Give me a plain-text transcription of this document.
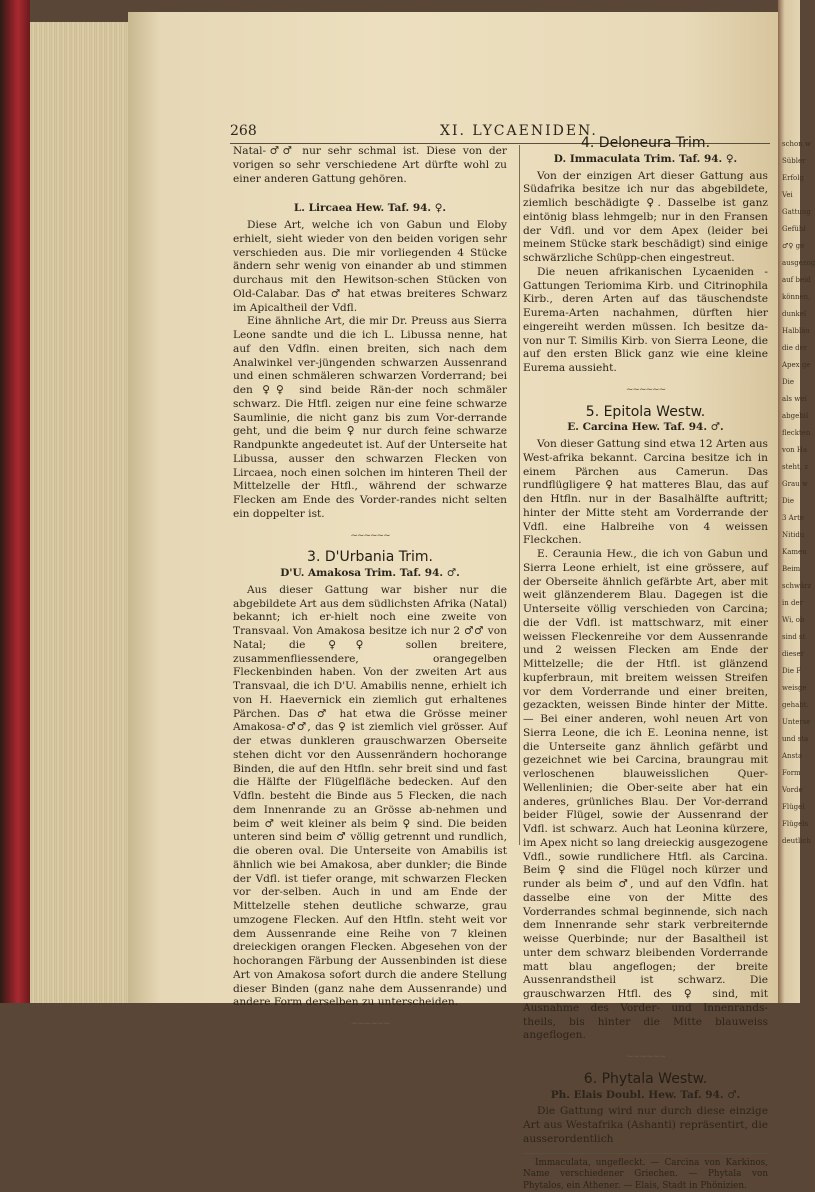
schon w
Sübler
Erfolg
Vei
Gattung
Gefühl
♂♀ ge
ausgezog
auf beid
können,
dunkel
Halbläu
die der
Apex ge
Die
als wei
abgebil
fleckten
von Ha
steht, z
Grau w
Die
3 Arte
Nitidu
Kamen
Beim
schwärz
in der
Wi, ob
sind st
dieser
Die F
weisge
gehabt.
Unterse
und sta
Ansta
Form
Vorde
Flügel
Flügels
deutlich
268	XI. LYCAENIDEN.

Natal-♂♂ nur sehr schmal ist. Diese von der vorigen so sehr verschiedene Art dürfte wohl zu einer anderen Gattung gehören.

L. Lircaea Hew. Taf. 94. ♀.

Diese Art, welche ich von Gabun und Eloby erhielt, sieht wieder von den beiden vorigen sehr verschieden aus. Die mir vorliegenden 4 Stücke ändern sehr wenig von einander ab und stimmen durchaus mit den Hewitson-schen Stücken von Old-Calabar. Das ♂ hat etwas breiteres Schwarz im Apicaltheil der Vdfl.

Eine ähnliche Art, die mir Dr. Preuss aus Sierra Leone sandte und die ich L. Libussa nenne, hat auf den Vdfln. einen breiten, sich nach dem Analwinkel ver-jüngenden schwarzen Aussenrand und einen schmäleren schwarzen Vorderrand; bei den ♀♀ sind beide Rän-der noch schmäler schwarz. Die Htfl. zeigen nur eine feine schwarze Saumlinie, die nicht ganz bis zum Vor-derrande geht, und die beim ♀ nur durch feine schwarze Randpunkte angedeutet ist. Auf der Unterseite hat Libussa, ausser den schwarzen Flecken von Lircaea, noch einen solchen im hinteren Theil der Mittelzelle der Htfl., während der schwarze Flecken am Ende des Vorder-randes nicht selten ein doppelter ist.

~~~~~~
3. D'Urbania Trim.
D'U. Amakosa Trim. Taf. 94. ♂.

Aus dieser Gattung war bisher nur die abgebildete Art aus dem südlichsten Afrika (Natal) bekannt; ich er-hielt noch eine zweite von Transvaal. Von Amakosa besitze ich nur 2 ♂♂ von Natal; die ♀♀ sollen breitere, zusammenfliessendere, orangegelben Fleckenbinden haben. Von der zweiten Art aus Transvaal, die ich D'U. Amabilis nenne, erhielt ich von H. Haevernick ein ziemlich gut erhaltenes Pärchen. Das ♂ hat etwa die Grösse meiner Amakosa-♂♂, das ♀ ist ziemlich viel grösser. Auf der etwas dunkleren grauschwarzen Oberseite stehen dicht vor den Aussenrändern hochorange Binden, die auf den Htfln. sehr breit sind und fast die Hälfte der Flügelfläche bedecken. Auf den Vdfln. besteht die Binde aus 5 Flecken, die nach dem Innenrande zu an Grösse ab-nehmen und beim ♂ weit kleiner als beim ♀ sind. Die beiden unteren sind beim ♂ völlig getrennt und rundlich, die oberen oval. Die Unterseite von Amabilis ist ähnlich wie bei Amakosa, aber dunkler; die Binde der Vdfl. ist tiefer orange, mit schwarzen Flecken vor der-selben. Auch in und am Ende der Mittelzelle stehen deutliche schwarze, grau umzogene Flecken. Auf den Htfln. steht weit vor dem Aussenrande eine Reihe von 7 kleinen dreieckigen orangen Flecken. Abgesehen von der hochorangen Färbung der Aussenbinden ist diese Art von Amakosa sofort durch die andere Stellung dieser Binden (ganz nahe dem Aussenrande) und andere Form derselben zu unterscheiden.

~~~~~~
4. Deloneura Trim.
D. Immaculata Trim. Taf. 94. ♀.

Von der einzigen Art dieser Gattung aus Südafrika besitze ich nur das abgebildete, ziemlich beschädigte ♀. Dasselbe ist ganz eintönig blass lehmgelb; nur in den Fransen der Vdfl. und vor dem Apex (leider bei meinem Stücke stark beschädigt) sind einige schwärzliche Schüpp-chen eingestreut.

Die neuen afrikanischen Lycaeniden - Gattungen Teriomima Kirb. und Citrinophila Kirb., deren Arten auf das täuschendste Eurema-Arten nachahmen, dürften hier eingereiht werden müssen. Ich besitze da-von nur T. Similis Kirb. von Sierra Leone, die auf den ersten Blick ganz wie eine kleine Eurema aussieht.

~~~~~~
5. Epitola Westw.
E. Carcina Hew. Taf. 94. ♂.

Von dieser Gattung sind etwa 12 Arten aus West-afrika bekannt. Carcina besitze ich in einem Pärchen aus Camerun. Das rundflügligere ♀ hat matteres Blau, das auf den Htfln. nur in der Basalhälfte auftritt; hinter der Mitte steht am Vorderrande der Vdfl. eine Halbreihe von 4 weissen Fleckchen.

E. Ceraunia Hew., die ich von Gabun und Sierra Leone erhielt, ist eine grössere, auf der Oberseite ähnlich gefärbte Art, aber mit weit glänzenderem Blau. Dagegen ist die Unterseite völlig verschieden von Carcina; die der Vdfl. ist mattschwarz, mit einer weissen Fleckenreihe vor dem Aussenrande und 2 weissen Flecken am Ende der Mittelzelle; die der Htfl. ist glänzend kupferbraun, mit breitem weissen Streifen vor dem Vorderrande und einer breiten, gezackten, weissen Binde hinter der Mitte. — Bei einer anderen, wohl neuen Art von Sierra Leone, die ich E. Leonina nenne, ist die Unterseite ganz ähnlich gefärbt und gezeichnet wie bei Carcina, braungrau mit verloschenen blauweisslichen Quer-Wellenlinien; die Ober-seite aber hat ein anderes, grünliches Blau. Der Vor-derrand beider Flügel, sowie der Aussenrand der Vdfl. ist schwarz. Auch hat Leonina kürzere, im Apex nicht so lang dreieckig ausgezogene Vdfl., sowie rundlichere Htfl. als Carcina. Beim ♀ sind die Flügel noch kürzer und runder als beim ♂, und auf den Vdfln. hat dasselbe eine von der Mitte des Vorderrandes schmal beginnende, sich nach dem Innenrande sehr stark verbreiternde weisse Querbinde; nur der Basaltheil ist unter dem schwarz bleibenden Vorderrande matt blau angeflogen; der breite Aussenrandstheil ist schwarz. Die grauschwarzen Htfl. des ♀ sind, mit Ausnahme des Vorder- und Innenrands-theils, bis hinter die Mitte blauweiss angeflogen.

~~~~~~
6. Phytala Westw.
Ph. Elais Doubl. Hew. Taf. 94. ♂.

Die Gattung wird nur durch diese einzige Art aus Westafrika (Ashanti) repräsentirt, die ausserordentlich

Immaculata, ungefleckt. — Carcina von Karkinos, Name verschiedener Griechen. — Phytala von Phytalos, ein Athener. — Elais, Stadt in Phönizien.
